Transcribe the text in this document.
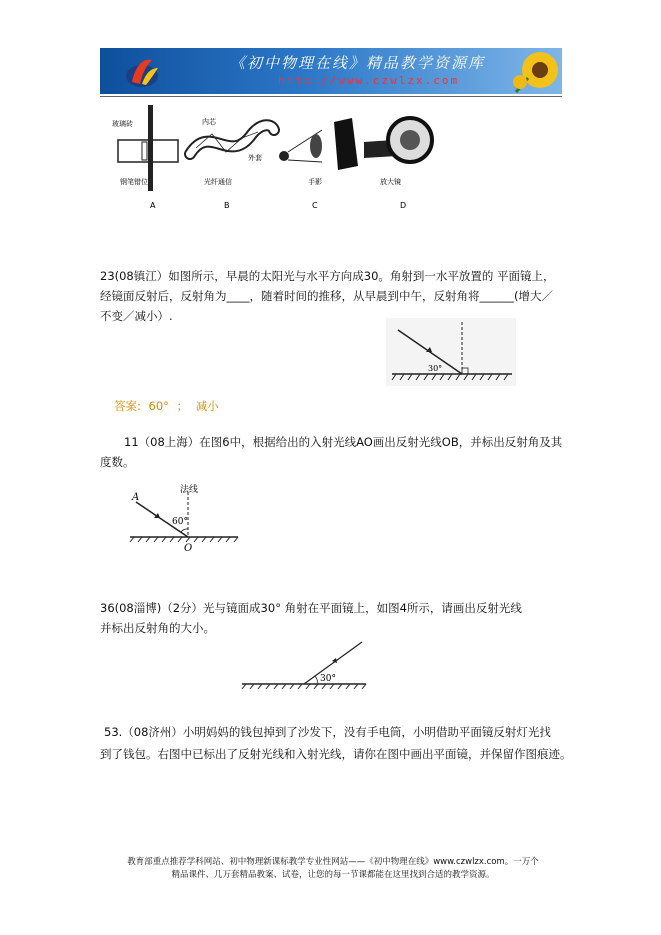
《初中物理在线》精品教学资源库
http://www.czwlzx.com
玻璃砖
钢笔错位
A
内芯
外套
光纤通信
B
手影
C
放大镜
D
23(08镇江）如图所示，早晨的太阳光与水平方向成30。角射到一水平放置的 平面镜上，
经镜面反射后，反射角为____，随着时间的推移，从早晨到中午，反射角将______(增大／
不变／减小）.
30°
答案: 60° ； 减小
11（08上海）在图6中，根据给出的入射光线AO画出反射光线OB，并标出反射角及其
度数。
A
O
法线
60°
36(08淄博)（2分）光与镜面成30° 角射在平面镜上，如图4所示，请画出反射光线
并标出反射角的大小。
30°
53.（08济州）小明妈妈的钱包掉到了沙发下，没有手电筒，小明借助平面镜反射灯光找
到了钱包。右图中已标出了反射光线和入射光线，请你在图中画出平面镜，并保留作图痕迹。
教育部重点推荐学科网站、初中物理新课标教学专业性网站——《初中物理在线》www.czwlzx.com。一万个
精品课件、几万套精品教案、试卷，让您的每一节课都能在这里找到合适的教学资源。
